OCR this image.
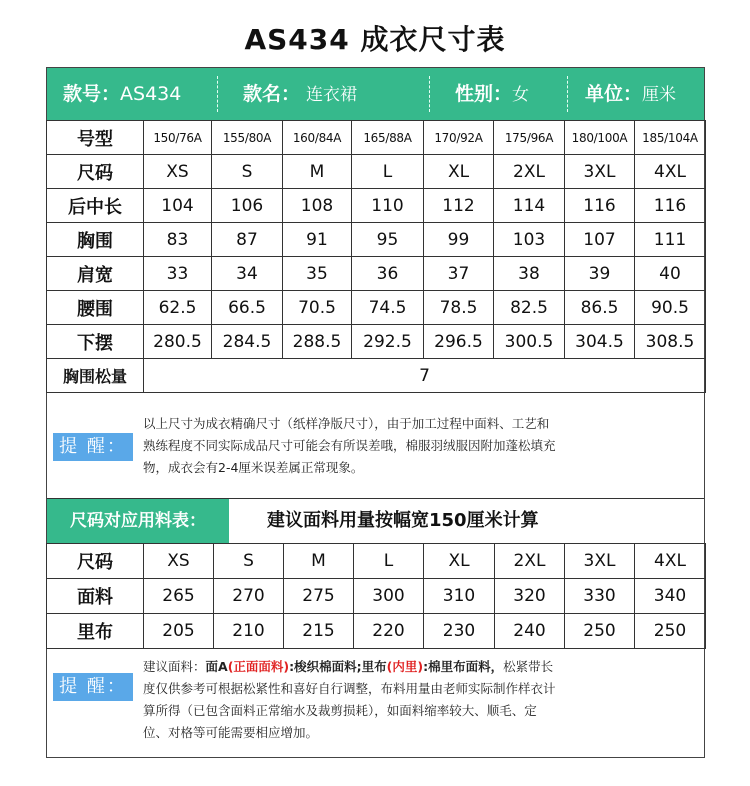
AS434 成衣尺寸表
款号：AS434	款名： 连衣裙	性别：女	单位：厘米
号型	150/76A	155/80A	160/84A	165/88A	170/92A	175/96A	180/100A	185/104A
尺码	XS	S	M	L	XL	2XL	3XL	4XL
后中长	104	106	108	110	112	114	116	116
胸围	83	87	91	95	99	103	107	111
肩宽	33	34	35	36	37	38	39	40
腰围	62.5	66.5	70.5	74.5	78.5	82.5	86.5	90.5
下摆	280.5	284.5	288.5	292.5	296.5	300.5	304.5	308.5
胸围松量	7							
提 醒：
以上尺寸为成衣精确尺寸（纸样净版尺寸），由于加工过程中面料、工艺和
熟练程度不同实际成品尺寸可能会有所误差哦，棉服羽绒服因附加蓬松填充
物，成衣会有2-4厘米误差属正常现象。
尺码对应用料表：	建议面料用量按幅宽150厘米计算
尺码	XS	S	M	L	XL	2XL	3XL	4XL
面料	265	270	275	300	310	320	330	340
里布	205	210	215	220	230	240	250	250
提 醒：
建议面料：面A(正面面料):梭织棉面料;里布(内里):棉里布面料，松紧带长
度仅供参考可根据松紧性和喜好自行调整，布料用量由老师实际制作样衣计
算所得（已包含面料正常缩水及裁剪损耗），如面料缩率较大、顺毛、定
位、对格等可能需要相应增加。
